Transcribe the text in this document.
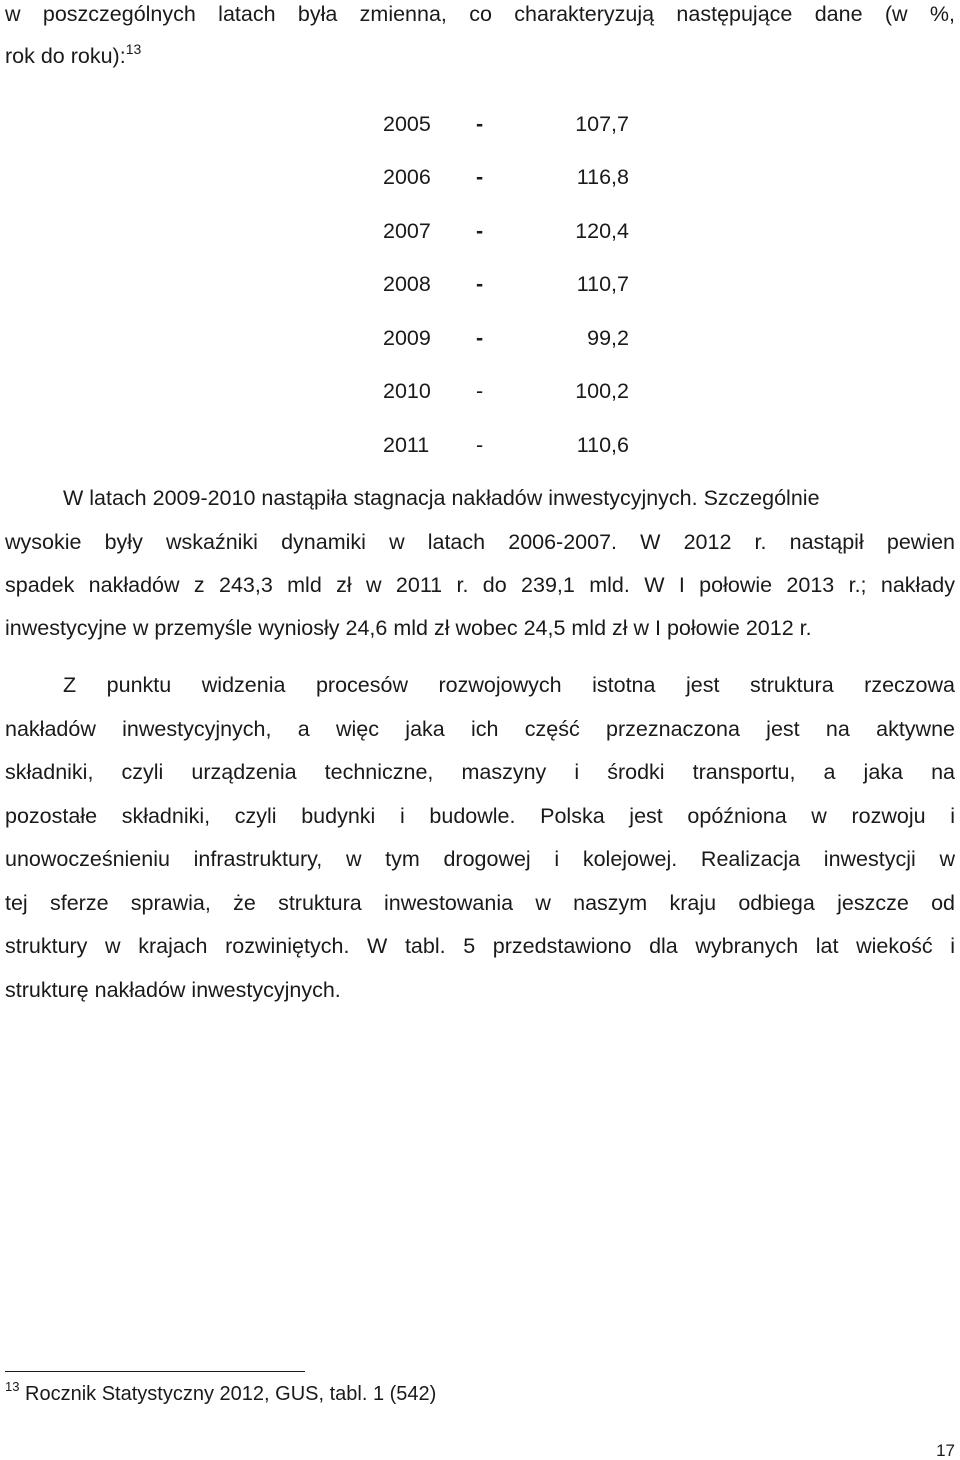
w poszczególnych latach była zmienna, co charakteryzują następujące dane (w %,
rok do roku):$^{13}$
2005 -	107,7
2006 -	116,8
2007 -	120,4
2008 -	110,7
2009 -	99,2
2010 -	100,2
2011 -	110,6
W latach 2009-2010 nastąpiła stagnacja nakładów inwestycyjnych. Szczególnie
wysokie były wskaźniki dynamiki w latach 2006-2007. W 2012 r. nastąpił pewien
spadek nakładów z 243,3 mld zł w 2011 r. do 239,1 mld. W I połowie 2013 r.; nakłady
inwestycyjne w przemyśle wyniosły 24,6 mld zł wobec 24,5 mld zł w I połowie 2012 r.
Z punktu widzenia procesów rozwojowych istotna jest struktura rzeczowa
nakładów inwestycyjnych, a więc jaka ich część przeznaczona jest na aktywne
składniki, czyli urządzenia techniczne, maszyny i środki transportu, a jaka na
pozostałe składniki, czyli budynki i budowle. Polska jest opóźniona w rozwoju i
unowocześnieniu infrastruktury, w tym drogowej i kolejowej. Realizacja inwestycji w
tej sferze sprawia, że struktura inwestowania w naszym kraju odbiega jeszcze od
struktury w krajach rozwiniętych. W tabl. 5 przedstawiono dla wybranych lat wiekość i
strukturę nakładów inwestycyjnych.
$^{13}$ Rocznik Statystyczny 2012, GUS, tabl. 1 (542)
17
